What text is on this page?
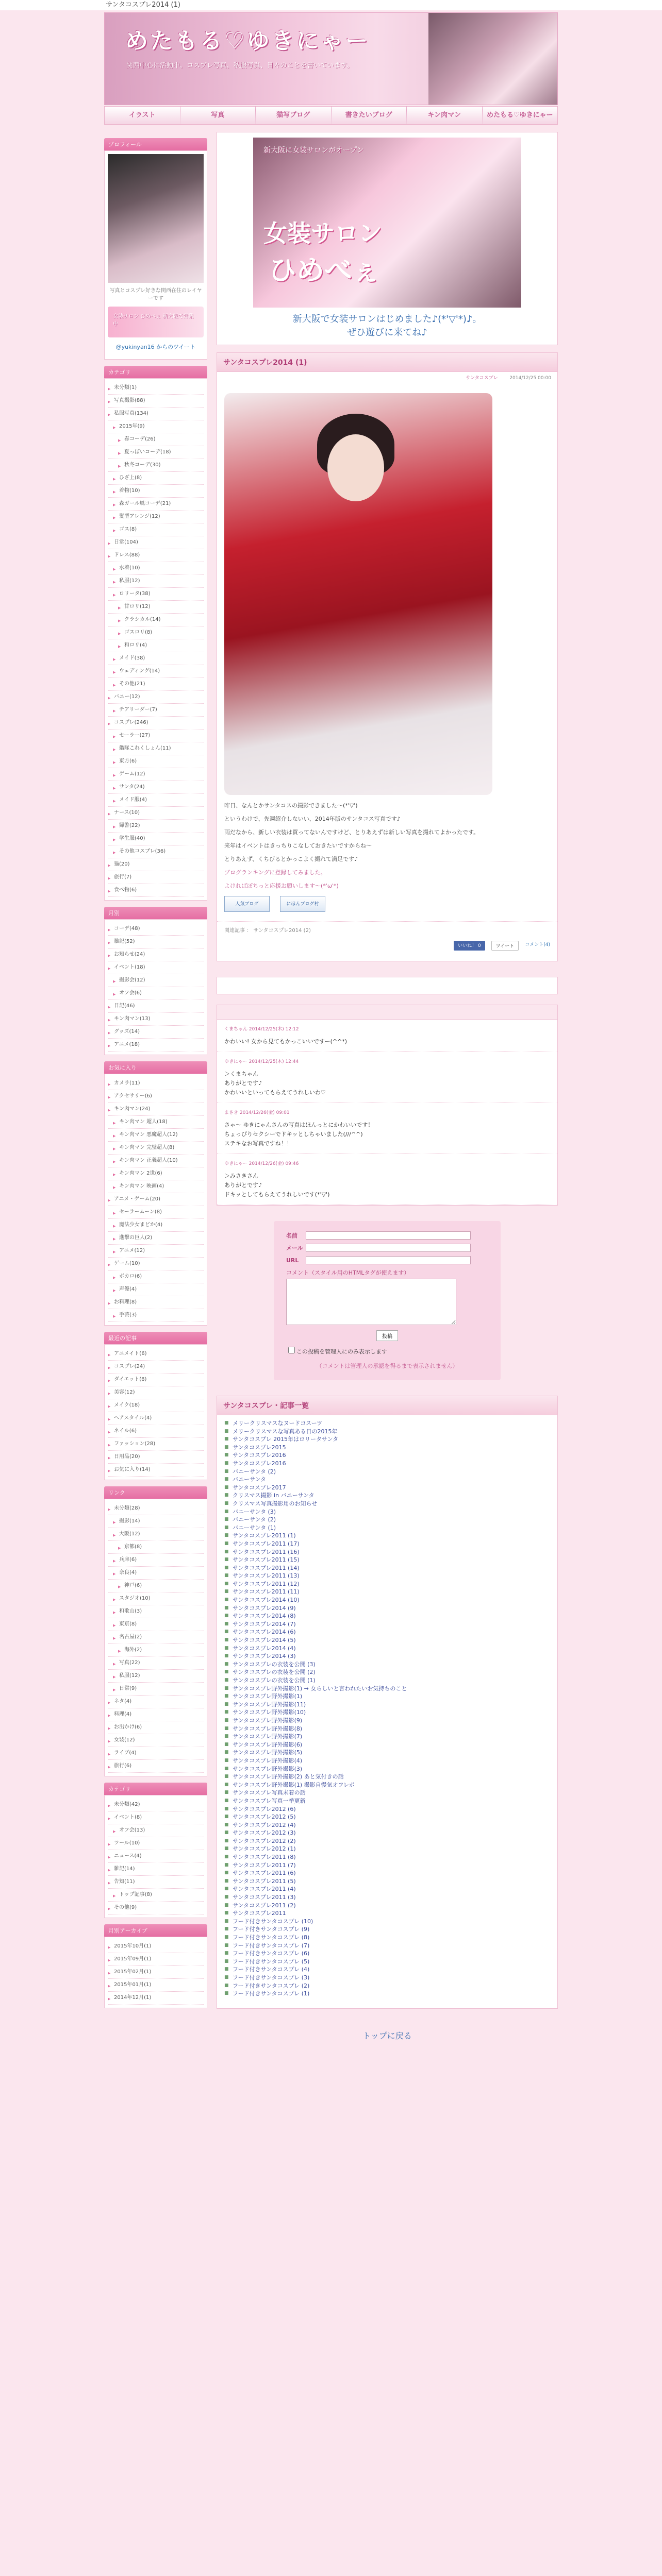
サンタコスプレ2014 (1)
めたもる♡ゆきにゃー
関西中心に活動中。コスプレ写真、私服写真、日々のことを書いています。
イラスト	写真	猫写ブログ	書きたいブログ	キン肉マン	めたもる♡ゆきにゃー
プロフィール
写真とコスプレ好きな関西在住のレイヤーです
女装サロン ひめべぇ 新大阪で営業中
@yukinyan16 からのツイート
カテゴリ
▶ 未分類(1)
▶ 写真撮影(88)
▶ 私服写真(134)
▶ 2015年(9)
▶ 春コーデ(26)
▶ 夏っぽいコーデ(18)
▶ 秋冬コーデ(30)
▶ ひざ上(8)
▶ 着物(10)
▶ 森ガール風コーデ(21)
▶ 髪型アレンジ(12)
▶ ゴス(8)
▶ 日常(104)
▶ ドレス(88)
▶ 水着(10)
▶ 私服(12)
▶ ロリータ(38)
▶ 甘ロリ(12)
▶ クラシカル(14)
▶ ゴスロリ(8)
▶ 和ロリ(4)
▶ メイド(38)
▶ ウェディング(14)
▶ その他(21)
▶ バニー(12)
▶ チアリーダー(7)
▶ コスプレ(246)
▶ セーラー(27)
▶ 艦隊これくしょん(11)
▶ 東方(6)
▶ ゲーム(12)
▶ サンタ(24)
▶ メイド服(4)
▶ ナース(10)
▶ 婦警(22)
▶ 学生服(40)
▶ その他コスプレ(36)
▶ 猫(20)
▶ 旅行(7)
▶ 食べ物(6)
月別
▶ コーデ(48)
▶ 雑記(52)
▶ お知らせ(24)
▶ イベント(18)
▶ 撮影会(12)
▶ オフ会(6)
▶ 日記(46)
▶ キン肉マン(13)
▶ グッズ(14)
▶ アニメ(18)
お気に入り
▶ カメラ(11)
▶ アクセサリー(6)
▶ キン肉マン(24)
▶ キン肉マン 超人(18)
▶ キン肉マン 悪魔超人(12)
▶ キン肉マン 完璧超人(8)
▶ キン肉マン 正義超人(10)
▶ キン肉マン 2世(6)
▶ キン肉マン 映画(4)
▶ アニメ・ゲーム(20)
▶ セーラームーン(8)
▶ 魔法少女まどか(4)
▶ 進撃の巨人(2)
▶ アニメ(12)
▶ ゲーム(10)
▶ ボカロ(6)
▶ 声優(4)
▶ お料理(8)
▶ 手芸(3)
最近の記事
▶ アニメイト(6)
▶ コスプレ(24)
▶ ダイエット(6)
▶ 美容(12)
▶ メイク(18)
▶ ヘアスタイル(4)
▶ ネイル(6)
▶ ファッション(28)
▶ 日用品(20)
▶ お気に入り(14)
リンク
▶ 未分類(28)
▶ 撮影(14)
▶ 大阪(12)
▶ 京都(8)
▶ 兵庫(6)
▶ 奈良(4)
▶ 神戸(6)
▶ スタジオ(10)
▶ 和歌山(3)
▶ 東京(8)
▶ 名古屋(2)
▶ 海外(2)
▶ 写真(22)
▶ 私服(12)
▶ 日常(9)
▶ ネタ(4)
▶ 料理(4)
▶ お出かけ(6)
▶ 女装(12)
▶ ライブ(4)
▶ 旅行(6)
カテゴリ
▶ 未分類(42)
▶ イベント(8)
▶ オフ会(13)
▶ ツール(10)
▶ ニュース(4)
▶ 雑記(14)
▶ 告知(11)
▶ トップ記事(8)
▶ その他(9)
月別アーカイブ
▶ 2015年10月(1)
▶ 2015年09月(1)
▶ 2015年02月(1)
▶ 2015年01月(1)
▶ 2014年12月(1)
新大阪に女装サロンがオープン
女装サロン
ひめべぇ
新大阪で女装サロンはじめました♪(*'▽'*)♪。
ぜひ遊びに来てね♪
サンタコスプレ2014 (1)
サンタコスプレ	2014/12/25 00:00

昨日、なんとかサンタコスの撮影できました～(*'▽')

というわけで、先週紹介しないい、2014年版のサンタコス写真です♪

雨だなから、新しい衣装は買ってないんですけど、とりあえずは新しい写真を撮れてよかったです。

来年はイベントはきっちりこなしておきたいですからね～

とりあえず、くちびるとかっこよく撮れて満足です♪

ブログランキングに登録してみました。

よければぽちっと応援お願いします～(*'ω'*)

人気ブログ	にほんブログ村
関連記事 ： サンタコスプレ2014 (2)
いいね！ 0	ツイート	コメント(4)
くまちゃん 2014/12/25(木) 12:12
かわいい! 女から見てもかっこいいですー(^^*)
ゆきにゃー 2014/12/25(木) 12:44
＞くまちゃん
ありがとです♪
かわいいといってもらえてうれしいわ♡
まさき 2014/12/26(金) 09:01
さゃ〜 ゆきにゃんさんの写真はほんっとにかわいいです！
ちょっぴりセクシーでドキッとしちゃいました(///^^)
ステキなお写真ですね！！
ゆきにゃー 2014/12/26(金) 09:46
＞みさきさん
ありがとです♪
ドキッとしてもらえてうれしいです(*'▽')
名前
メール
URL
コメント（スタイル用のHTMLタグが使えます）
投稿
この投稿を管理人にのみ表示します
（コメントは管理人の承認を得るまで表示されません）
サンタコスプレ・記事一覧
■ メリークリスマスなヌードコスーツ
■ メリークリスマスな写真ある日の2015年
■ サンタコスプレ 2015年はロリータサンタ
■ サンタコスプレ2015
■ サンタコスプレ2016
■ サンタコスプレ2016
■ バニーサンタ (2)
■ バニーサンタ
■ サンタコスプレ2017
■ クリスマス撮影 in バニーサンタ
■ クリスマス写真撮影用のお知らせ
■ バニーサンタ (3)
■ バニーサンタ (2)
■ バニーサンタ (1)
■ サンタコスプレ2011 (1)
■ サンタコスプレ2011 (17)
■ サンタコスプレ2011 (16)
■ サンタコスプレ2011 (15)
■ サンタコスプレ2011 (14)
■ サンタコスプレ2011 (13)
■ サンタコスプレ2011 (12)
■ サンタコスプレ2011 (11)
■ サンタコスプレ2014 (10)
■ サンタコスプレ2014 (9)
■ サンタコスプレ2014 (8)
■ サンタコスプレ2014 (7)
■ サンタコスプレ2014 (6)
■ サンタコスプレ2014 (5)
■ サンタコスプレ2014 (4)
■ サンタコスプレ2014 (3)
■ サンタコスプレの衣装を公開 (3)
■ サンタコスプレの衣装を公開 (2)
■ サンタコスプレの衣装を公開 (1)
■ サンタコスプレ野外撮影(1) → 女らしいと言われたいお気持ちのこと
■ サンタコスプレ野外撮影(1)
■ サンタコスプレ野外撮影(11)
■ サンタコスプレ野外撮影(10)
■ サンタコスプレ野外撮影(9)
■ サンタコスプレ野外撮影(8)
■ サンタコスプレ野外撮影(7)
■ サンタコスプレ野外撮影(6)
■ サンタコスプレ野外撮影(5)
■ サンタコスプレ野外撮影(4)
■ サンタコスプレ野外撮影(3)
■ サンタコスプレ野外撮影(2) あと気付きの話
■ サンタコスプレ野外撮影(1) 撮影自慢気オフレポ
■ サンタコスプレ写真未着の話
■ サンタコスプレ写真一挙更新
■ サンタコスプレ2012 (6)
■ サンタコスプレ2012 (5)
■ サンタコスプレ2012 (4)
■ サンタコスプレ2012 (3)
■ サンタコスプレ2012 (2)
■ サンタコスプレ2012 (1)
■ サンタコスプレ2011 (8)
■ サンタコスプレ2011 (7)
■ サンタコスプレ2011 (6)
■ サンタコスプレ2011 (5)
■ サンタコスプレ2011 (4)
■ サンタコスプレ2011 (3)
■ サンタコスプレ2011 (2)
■ サンタコスプレ2011
■ フード付きサンタコスプレ (10)
■ フード付きサンタコスプレ (9)
■ フード付きサンタコスプレ (8)
■ フード付きサンタコスプレ (7)
■ フード付きサンタコスプレ (6)
■ フード付きサンタコスプレ (5)
■ フード付きサンタコスプレ (4)
■ フード付きサンタコスプレ (3)
■ フード付きサンタコスプレ (2)
■ フード付きサンタコスプレ (1)
トップに戻る
